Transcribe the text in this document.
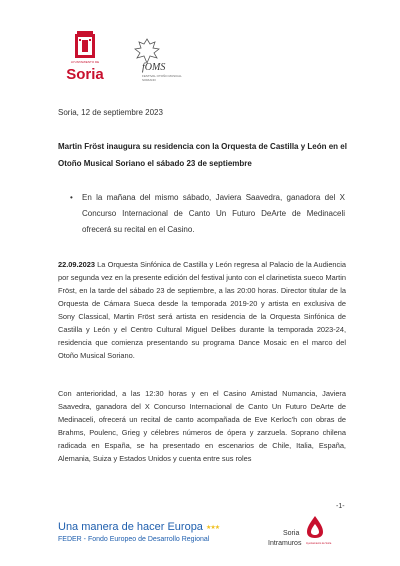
AYUNTAMIENTO DE
Soria	fOMS
FESTIVAL OTOÑO MUSICAL SORIANO
Soria, 12 de septiembre 2023
Martin Fröst inaugura su residencia con la Orquesta de Castilla y León en el Otoño Musical Soriano el sábado 23 de septiembre
• En la mañana del mismo sábado, Javiera Saavedra, ganadora del X Concurso Internacional de Canto Un Futuro DeArte de Medinaceli ofrecerá su recital en el Casino.
22.09.2023 La Orquesta Sinfónica de Castilla y León regresa al Palacio de la Audiencia por segunda vez en la presente edición del festival junto con el clarinetista sueco Martin Fröst, en la tarde del sábado 23 de septiembre, a las 20:00 horas. Director titular de la Orquesta de Cámara Sueca desde la temporada 2019-20 y artista en exclusiva de Sony Classical, Martin Fröst será artista en residencia de la Orquesta Sinfónica de Castilla y León y el Centro Cultural Miguel Delibes durante la temporada 2023-24, residencia que comienza presentando su programa Dance Mosaic en el marco del Otoño Musical Soriano.
Con anterioridad, a las 12:30 horas y en el Casino Amistad Numancia, Javiera Saavedra, ganadora del X Concurso Internacional de Canto Un Futuro DeArte de Medinaceli, ofrecerá un recital de canto acompañada de Eve Kerloc'h con obras de Brahms, Poulenc, Grieg y célebres números de ópera y zarzuela. Soprano chilena radicada en España, se ha presentado en escenarios de Chile, Italia, España, Alemania, Suiza y Estados Unidos y cuenta entre sus roles
-1-
Una manera de hacer Europa
FEDER - Fondo Europeo de Desarrollo Regional
★★★
Soria
Intramuros Ayuntamiento de Soria
